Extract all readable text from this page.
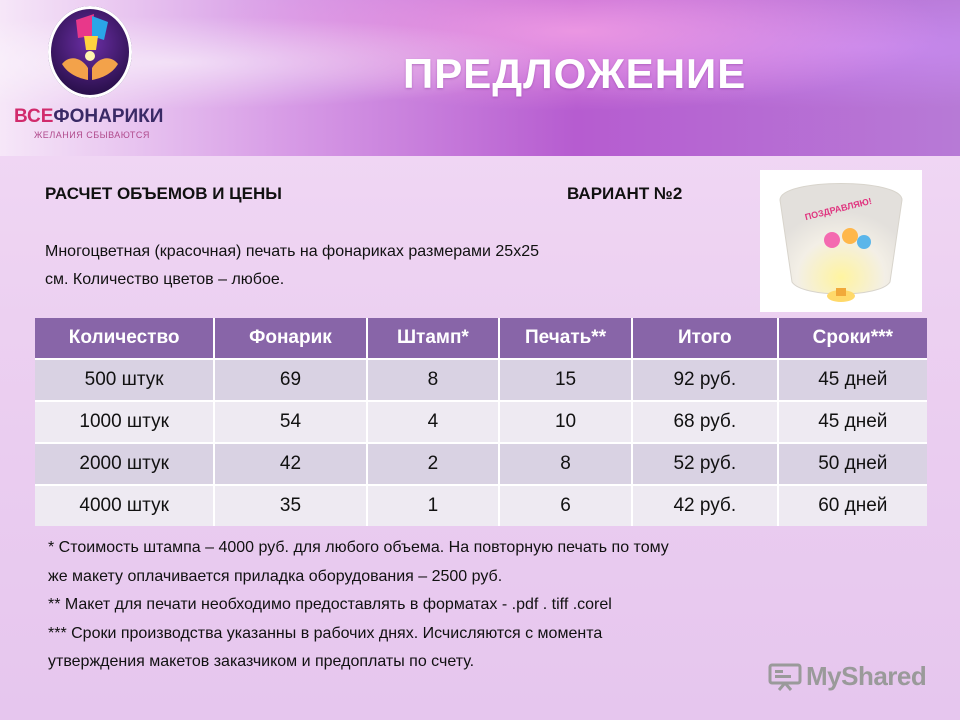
ВСЕФОНАРИКИ
ЖЕЛАНИЯ СБЫВАЮТСЯ
ПРЕДЛОЖЕНИЕ
РАСЧЕТ ОБЪЕМОВ И ЦЕНЫ	ВАРИАНТ №2
Многоцветная (красочная) печать на фонариках размерами 25х25
см. Количество цветов – любое.
ПОЗДРАВЛЯЮ!
Количество	Фонарик	Штамп*	Печать**	Итого	Сроки***
500 штук	69	8	15	92 руб.	45 дней
1000 штук	54	4	10	68 руб.	45 дней
2000 штук	42	2	8	52 руб.	50 дней
4000 штук	35	1	6	42 руб.	60 дней
* Стоимость штампа – 4000 руб. для любого объема. На повторную печать по тому
же макету оплачивается приладка оборудования – 2500 руб.
** Макет для печати необходимо предоставлять в форматах - .pdf . tiff .corel
*** Сроки производства указанны в рабочих днях. Исчисляются с момента
утверждения макетов заказчиком и предоплаты по счету.	MyShared
